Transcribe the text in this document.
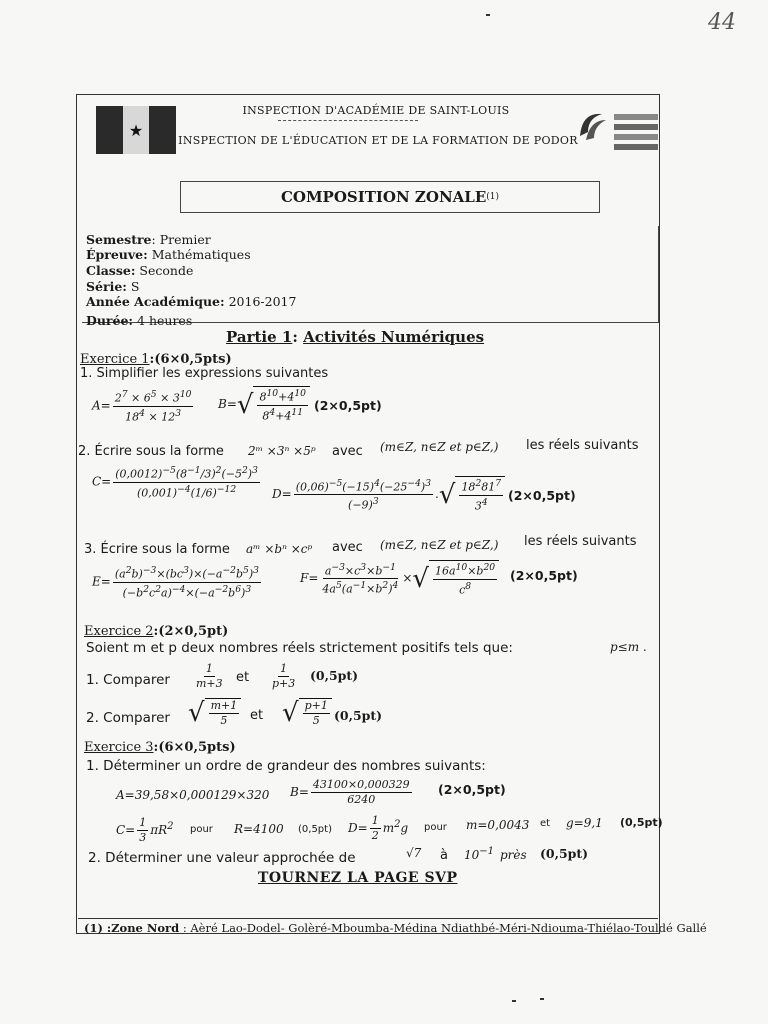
44
★
INSPECTION D'ACADÉMIE DE SAINT-LOUIS
INSPECTION DE L'ÉDUCATION ET DE LA FORMATION DE PODOR
COMPOSITION ZONALE (1)
Semestre: Premier
Épreuve: Mathématiques
Classe: Seconde
Série: S
Année Académique: 2016-2017
Durée: 4 heures
Partie 1: Activités Numériques
Exercice 1:(6×0,5pts)
1. Simplifier les expressions suivantes
$A= \frac{2^7 \times 6^5 \times 3^{10}}{18^4 \times 12^3} B=$ √ $\frac{8^{10}+4^{10}}{8^4+4^{11}} (2\times 0,5pt)$
2. Écrire sous la forme 2ᵐ ×3ⁿ ×5ᵖ avec (m∈Z, n∈Z et p∈Z,) les réels suivants
$C= \frac{(0,0012)^{-5}(8^{-1}/3)^2(-5^2)^3}{(0,001)^{-4}(1/6)^{-12}} D= \frac{(0,06)^{-5}(-15)^4(-25^{-4})^3}{(-9)^3}$ . √ $\frac{18^281^7}{3^4} (2\times 0,5pt)$
3. Écrire sous la forme aᵐ ×bⁿ ×cᵖ avec (m∈Z, n∈Z et p∈Z,) les réels suivants
$E= \frac{(a^2b)^{-3}\times(bc^3)\times(-a^{-2}b^5)^3}{(-b^2c^2a)^{-4}\times(-a^{-2}b^6)^3}$	$F= \frac{a^{-3}\times c^3\times b^{-1}}{4a^5(a^{-1}\times b^2)^4}$ × √ $\frac{16a^{10}\times b^{20}}{c^8} (2\times 0,5pt)$
Exercice 2:(2×0,5pt)
Soient m et p deux nombres réels strictement positifs tels que:	p≤m .
1. Comparer $\frac{1}{m+3}$ et $\frac{1}{p+3} (0,5pt)$
2. Comparer √ $\frac{m+1}{5}$ et √ $\frac{p+1}{5} (0,5pt)$
Exercice 3:(6×0,5pts)
1. Déterminer un ordre de grandeur des nombres suivants:
A=39,58×0,000129×320 $B= \frac{43100\times 0,000329}{6240} (2\times 0,5pt)$
$C= \frac{1}{3} \pi R^2$ pour R=4100 (0,5pt) $D= \frac{1}{2} m^2g$ pour m=0,0043 et g=9,1 (0,5pt)
2. Déterminer une valeur approchée de	√7 à $10^{-1}$ près (0,5pt)
TOURNEZ LA PAGE SVP
(1) :Zone Nord : Aèré Lao-Dodel- Golèré-Mboumba-Médina Ndiathbé-Méri-Ndiouma-Thiélao-Touldé Gallé
